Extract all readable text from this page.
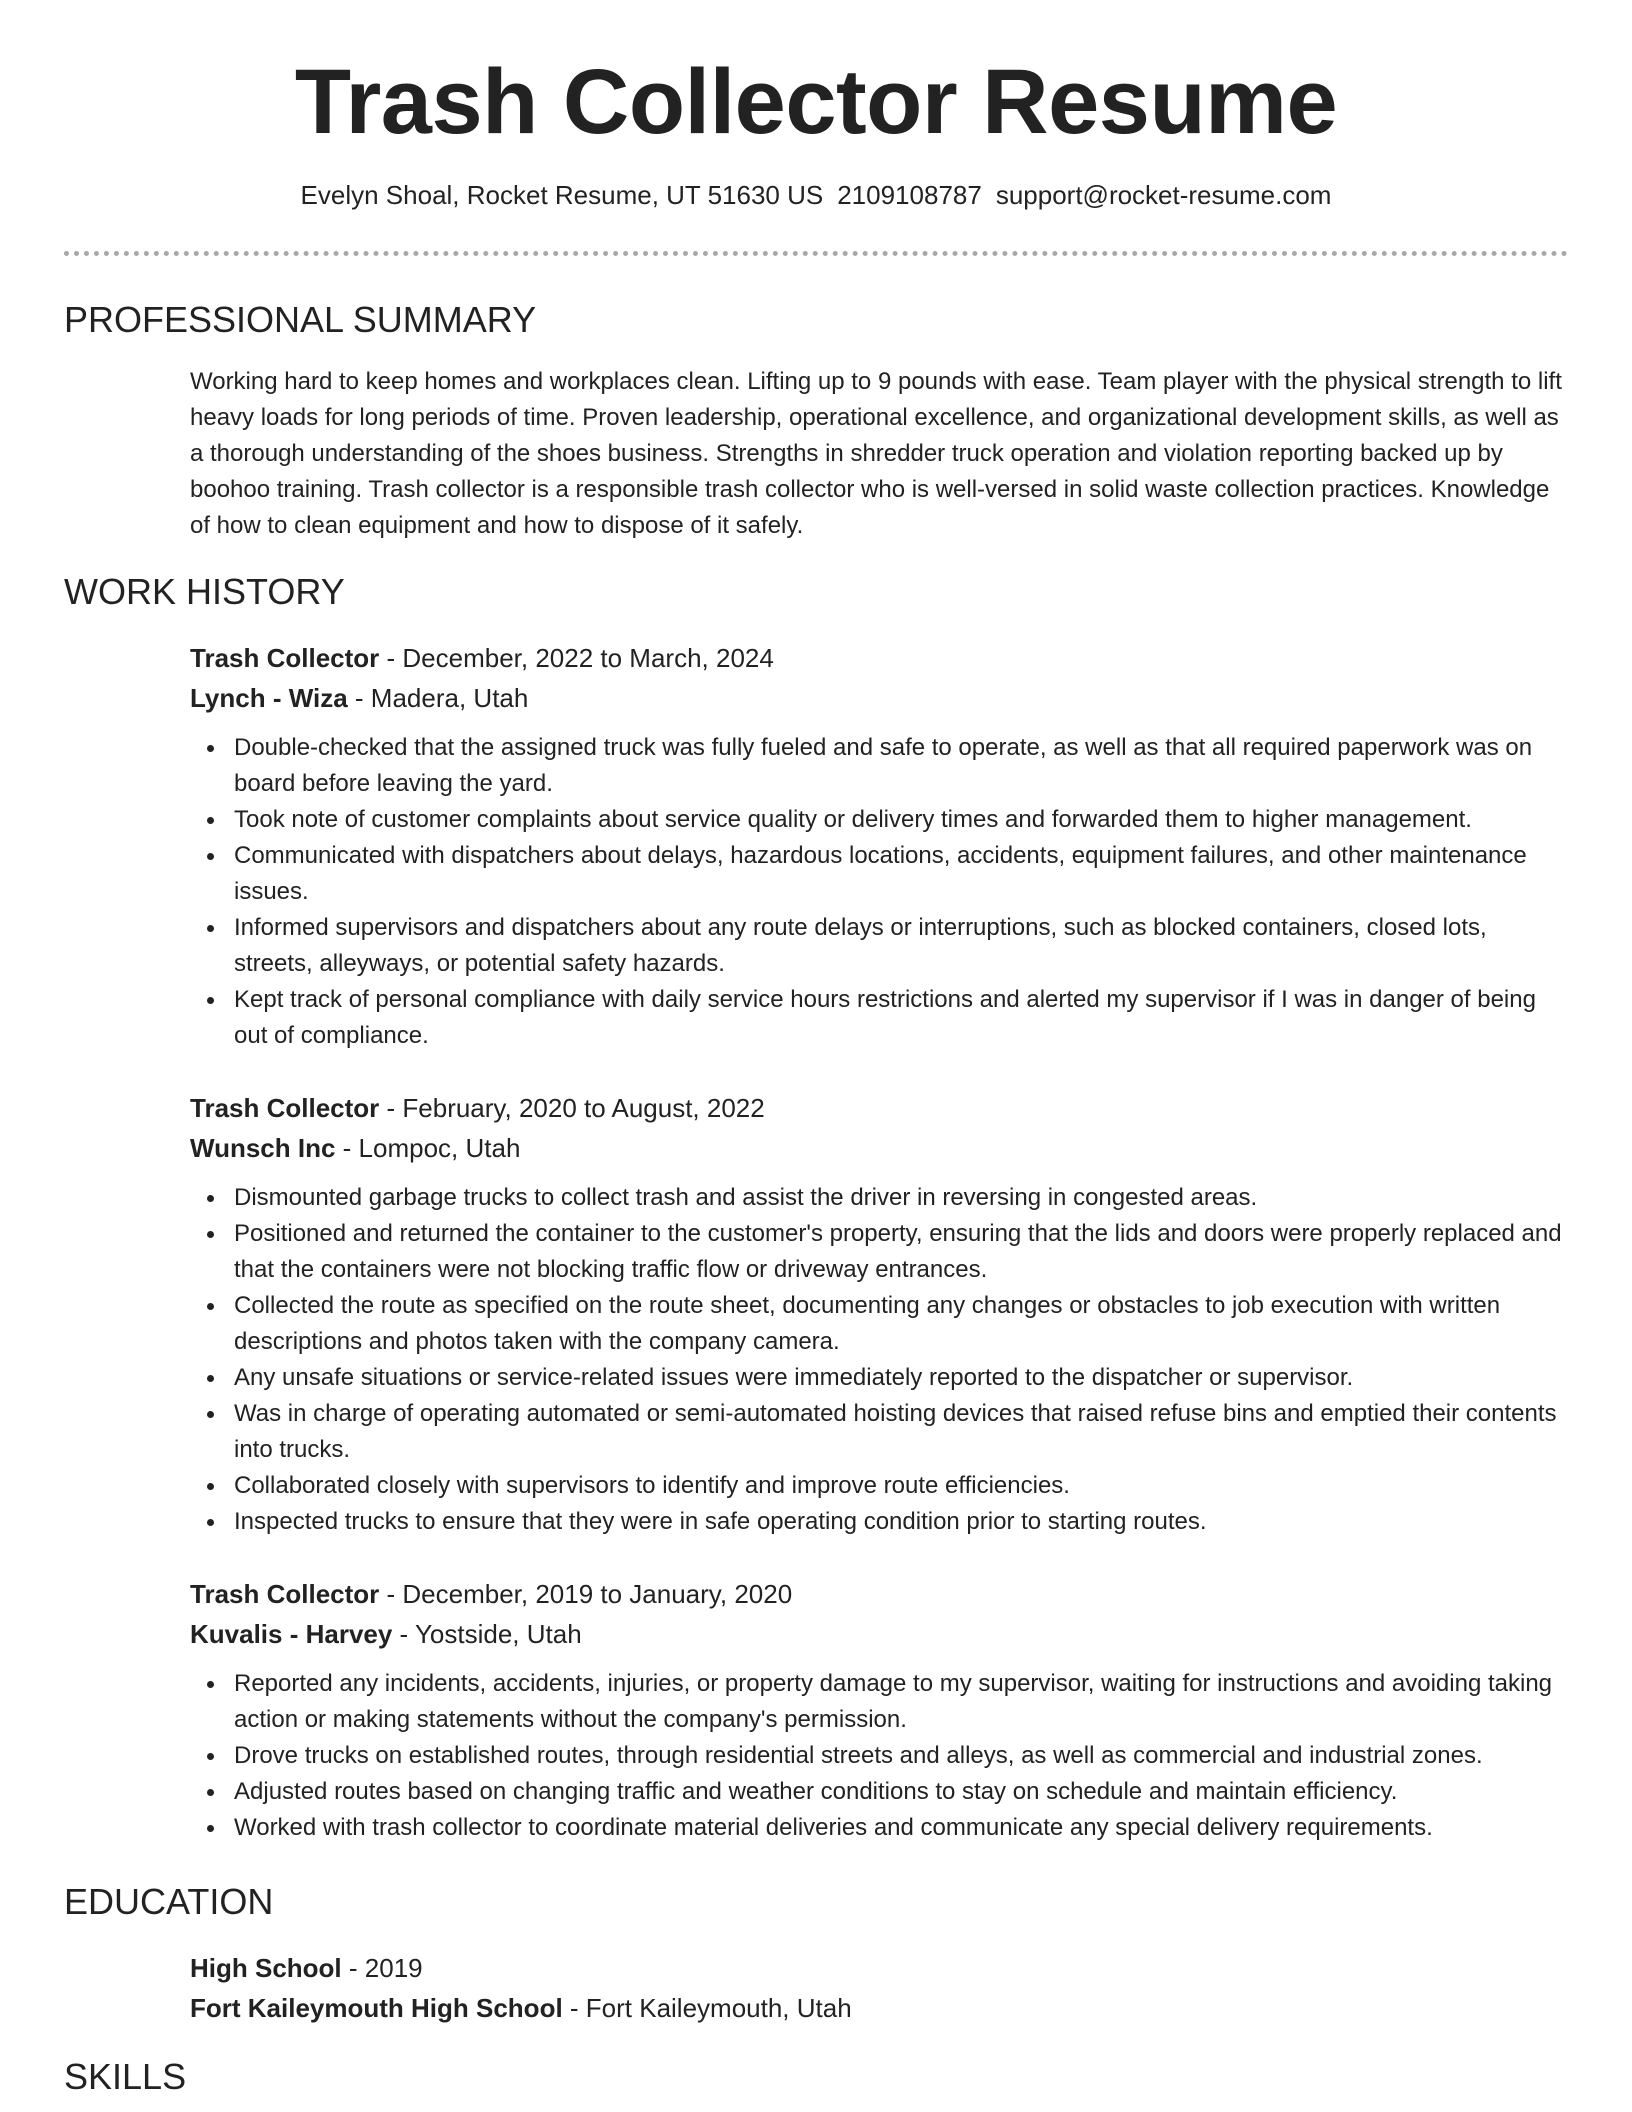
Trash Collector Resume
Evelyn Shoal, Rocket Resume, UT 51630 US 2109108787 support@rocket-resume.com
PROFESSIONAL SUMMARY

Working hard to keep homes and workplaces clean. Lifting up to 9 pounds with ease. Team player with the physical strength to lift heavy loads for long periods of time. Proven leadership, operational excellence, and organizational development skills, as well as a thorough understanding of the shoes business. Strengths in shredder truck operation and violation reporting backed up by boohoo training. Trash collector is a responsible trash collector who is well-versed in solid waste collection practices. Knowledge of how to clean equipment and how to dispose of it safely.

WORK HISTORY
Trash Collector - December, 2022 to March, 2024
Lynch - Wiza - Madera, Utah
Double-checked that the assigned truck was fully fueled and safe to operate, as well as that all required paperwork was on board before leaving the yard.
Took note of customer complaints about service quality or delivery times and forwarded them to higher management.
Communicated with dispatchers about delays, hazardous locations, accidents, equipment failures, and other maintenance issues.
Informed supervisors and dispatchers about any route delays or interruptions, such as blocked containers, closed lots, streets, alleyways, or potential safety hazards.
Kept track of personal compliance with daily service hours restrictions and alerted my supervisor if I was in danger of being out of compliance.
Trash Collector - February, 2020 to August, 2022
Wunsch Inc - Lompoc, Utah
Dismounted garbage trucks to collect trash and assist the driver in reversing in congested areas.
Positioned and returned the container to the customer's property, ensuring that the lids and doors were properly replaced and that the containers were not blocking traffic flow or driveway entrances.
Collected the route as specified on the route sheet, documenting any changes or obstacles to job execution with written descriptions and photos taken with the company camera.
Any unsafe situations or service-related issues were immediately reported to the dispatcher or supervisor.
Was in charge of operating automated or semi-automated hoisting devices that raised refuse bins and emptied their contents into trucks.
Collaborated closely with supervisors to identify and improve route efficiencies.
Inspected trucks to ensure that they were in safe operating condition prior to starting routes.
Trash Collector - December, 2019 to January, 2020
Kuvalis - Harvey - Yostside, Utah
Reported any incidents, accidents, injuries, or property damage to my supervisor, waiting for instructions and avoiding taking action or making statements without the company's permission.
Drove trucks on established routes, through residential streets and alleys, as well as commercial and industrial zones.
Adjusted routes based on changing traffic and weather conditions to stay on schedule and maintain efficiency.
Worked with trash collector to coordinate material deliveries and communicate any special delivery requirements.
EDUCATION
High School - 2019
Fort Kaileymouth High School - Fort Kaileymouth, Utah
SKILLS
